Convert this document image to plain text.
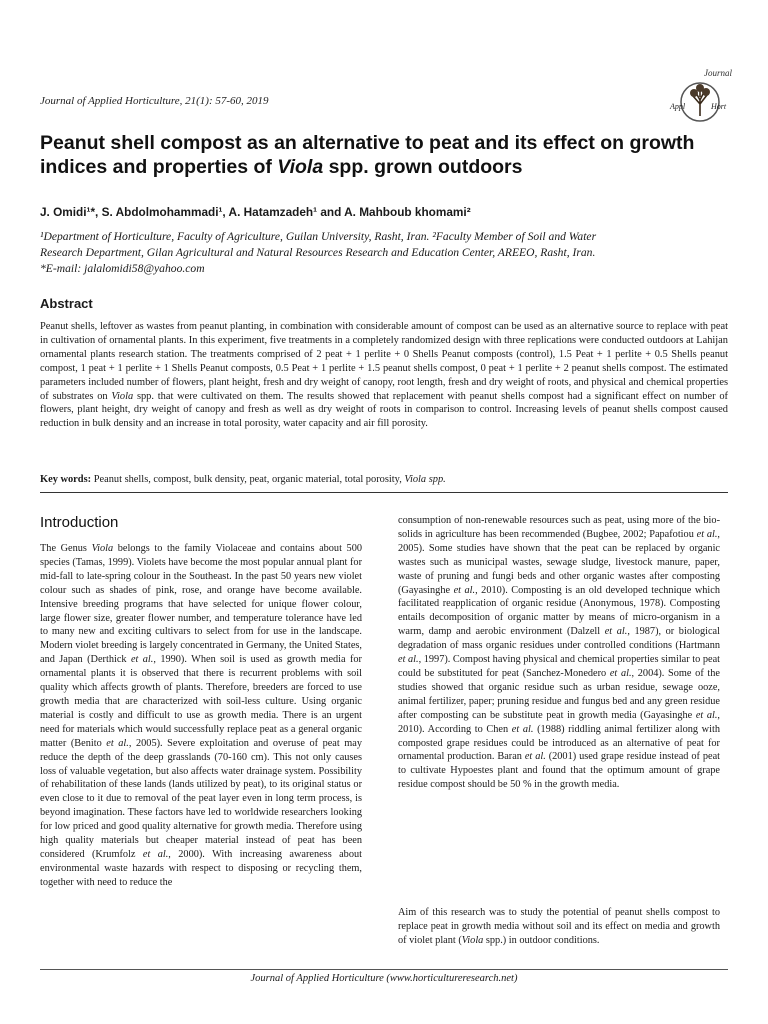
Journal of Applied Horticulture, 21(1): 57-60, 2019
Journal
Appl	Hort
Peanut shell compost as an alternative to peat and its effect on growth indices and properties of Viola spp. grown outdoors
J. Omidi¹*, S. Abdolmohammadi¹, A. Hatamzadeh¹ and A. Mahboub khomami²
¹Department of Horticulture, Faculty of Agriculture, Guilan University, Rasht, Iran. ²Faculty Member of Soil and Water
Research Department, Gilan Agricultural and Natural Resources Research and Education Center, AREEO, Rasht, Iran.
*E-mail: jalalomidi58@yahoo.com
Abstract
Peanut shells, leftover as wastes from peanut planting, in combination with considerable amount of compost can be used as an alternative source to replace with peat in cultivation of ornamental plants. In this experiment, five treatments in a completely randomized design with three replications were conducted outdoors at Lahijan ornamental plants research station. The treatments comprised of 2 peat + 1 perlite + 0 Shells Peanut composts (control), 1.5 Peat + 1 perlite + 0.5 Shells peanut compost, 1 peat + 1 perlite + 1 Shells Peanut composts, 0.5 Peat + 1 perlite + 1.5 peanut shells compost, 0 peat + 1 perlite + 2 peanut shells compost. The estimated parameters included number of flowers, plant height, fresh and dry weight of canopy, root length, fresh and dry weight of roots, and physical and chemical properties of substrates on Viola spp. that were cultivated on them. The results showed that replacement with peanut shells compost had a significant effect on number of flowers, plant height, dry weight of canopy and fresh as well as dry weight of roots in comparison to control. Increasing levels of peanut shells compost caused reduction in bulk density and an increase in total porosity, water capacity and air fill porosity.
Key words: Peanut shells, compost, bulk density, peat, organic material, total porosity, Viola spp.
Introduction
The Genus Viola belongs to the family Violaceae and contains about 500 species (Tamas, 1999). Violets have become the most popular annual plant for mid-fall to late-spring colour in the Southeast. In the past 50 years new violet colour such as shades of pink, rose, and orange have become available. Intensive breeding programs that have selected for unique flower colour, large flower size, greater flower number, and temperature tolerance have led to many new and exciting cultivars to select from for use in the landscape. Modern violet breeding is largely concentrated in Germany, the United States, and Japan (Derthick et al., 1990). When soil is used as growth media for ornamental plants it is observed that there is recurrent problems with soil quality which affects growth of plants. Therefore, breeders are forced to use growth media that are characterized with soil-less culture. Using organic material is costly and difficult to use as growth media. There is an urgent need for materials which would successfully replace peat as a general organic matter (Benito et al., 2005). Severe exploitation and overuse of peat may reduce the depth of the deep grasslands (70-160 cm). This not only causes loss of valuable vegetation, but also affects water drainage system. Possibility of rehabilitation of these lands (lands utilized by peat), to its original status or even close to it due to removal of the peat layer even in long term process, is beyond imagination. These factors have led to worldwide researchers looking for low priced and good quality alternative for growth media. Therefore using high quality materials but cheaper material instead of peat has been considered (Krumfolz et al., 2000). With increasing awareness about environmental waste hazards with respect to disposing or recycling them, together with need to reduce the
consumption of non-renewable resources such as peat, using more of the bio-solids in agriculture has been recommended (Bugbee, 2002; Papafotiou et al., 2005). Some studies have shown that the peat can be replaced by organic wastes such as municipal wastes, sewage sludge, livestock manure, paper, waste of pruning and fungi beds and other organic wastes after composting (Gayasinghe et al., 2010). Composting is an old developed technique which facilitated reapplication of organic residue (Anonymous, 1978). Composting entails decomposition of organic matter by means of micro-organism in a warm, damp and aerobic environment (Dalzell et al., 1987), or biological degradation of mass organic residues under controlled conditions (Hartmann et al., 1997). Compost having physical and chemical properties similar to peat could be substituted for peat (Sanchez-Monedero et al., 2004). Some of the studies showed that organic residue such as urban residue, sewage ooze, animal fertilizer, paper; pruning residue and fungus bed and any green residue after composting can be substitute peat in growth media (Gayasinghe et al., 2010). According to Chen et al. (1988) riddling animal fertilizer along with composted grape residues could be introduced as an alternative of peat for ornamental production. Baran et al. (2001) used grape residue instead of peat to cultivate Hypoestes plant and found that the optimum amount of grape residue compost should be 50 % in the growth media.
Aim of this research was to study the potential of peanut shells compost to replace peat in growth media without soil and its effect on media and growth of violet plant (Viola spp.) in outdoor conditions.
Journal of Applied Horticulture (www.horticultureresearch.net)
